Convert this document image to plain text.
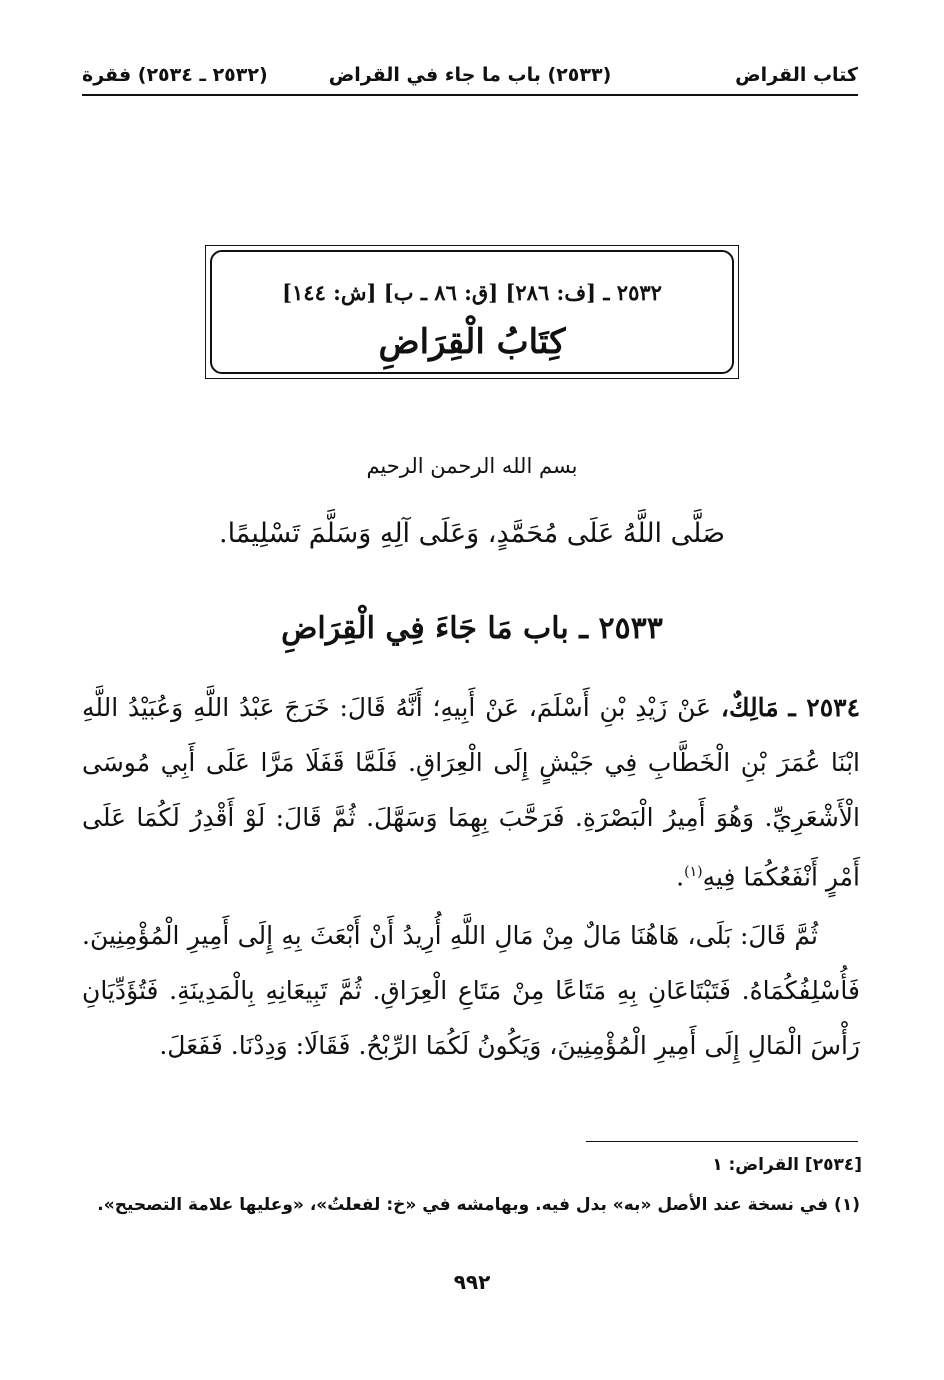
كتاب القراض
(٢٥٣٣) باب ما جاء في القراض
(٢٥٣٢ ـ ٢٥٣٤) فقرة
٢٥٣٢ ـ [ف: ٢٨٦] [ق: ٨٦ ـ ب] [ش: ١٤٤]
كِتَابُ الْقِرَاضِ
بسم الله الرحمن الرحيم
صَلَّى اللَّهُ عَلَى مُحَمَّدٍ، وَعَلَى آلِهِ وَسَلَّمَ تَسْلِيمًا.
٢٥٣٣ ـ باب مَا جَاءَ فِي الْقِرَاضِ
٢٥٣٤ ـ مَالِكٌ، عَنْ زَيْدِ بْنِ أَسْلَمَ، عَنْ أَبِيهِ؛ أَنَّهُ قَالَ: خَرَجَ عَبْدُ اللَّهِ وَعُبَيْدُ اللَّهِ ابْنَا عُمَرَ بْنِ الْخَطَّابِ فِي جَيْشٍ إِلَى الْعِرَاقِ. فَلَمَّا قَفَلَا مَرَّا عَلَى أَبِي مُوسَى الْأَشْعَرِيِّ. وَهُوَ أَمِيرُ الْبَصْرَةِ. فَرَحَّبَ بِهِمَا وَسَهَّلَ. ثُمَّ قَالَ: لَوْ أَقْدِرُ لَكُمَا عَلَى أَمْرٍ أَنْفَعُكُمَا فِيهِ$^{(١)}$.
ثُمَّ قَالَ: بَلَى، هَاهُنَا مَالٌ مِنْ مَالِ اللَّهِ أُرِيدُ أَنْ أَبْعَثَ بِهِ إِلَى أَمِيرِ الْمُؤْمِنِينَ. فَأُسْلِفُكُمَاهُ. فَتَبْتَاعَانِ بِهِ مَتَاعًا مِنْ مَتَاعِ الْعِرَاقِ. ثُمَّ تَبِيعَانِهِ بِالْمَدِينَةِ. فَتُؤَدِّيَانِ رَأْسَ الْمَالِ إِلَى أَمِيرِ الْمُؤْمِنِينَ، وَيَكُونُ لَكُمَا الرِّبْحُ. فَقَالَا: وَدِدْنَا. فَفَعَلَ.
[٢٥٣٤] القراض: ١
(١) في نسخة عند الأصل «به» بدل فيه. وبهامشه في «خ: لفعلتُ»، «وعليها علامة التصحيح».
٩٩٢
